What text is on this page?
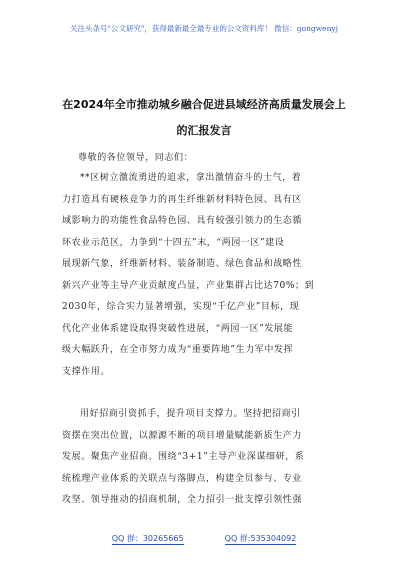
关注头条号"公文研究"，获得最新最全最专业的公文资料库！ 微信：gongwenyj
在2024年全市推动城乡融合促进县域经济高质量发展会上
的汇报发言
尊敬的各位领导，同志们：
**区树立激流勇进的追求，拿出激情奋斗的士气，着
力打造具有硬核竞争力的再生纤维新材料特色园、具有区
域影响力的功能性食品特色园、具有较强引领力的生态循
环农业示范区，力争到“十四五”末，“两园一区”建设
展现新气象，纤维新材料、装备制造、绿色食品和战略性
新兴产业等主导产业贡献度凸显，产业集群占比达70%；到
2030年，综合实力显著增强，实现“千亿产业”目标，现
代化产业体系建设取得突破性进展，“两园一区”发展能
级大幅跃升，在全市努力成为“重要阵地”生力军中发挥
支撑作用。
用好招商引资抓手，提升项目支撑力。坚持把招商引
资摆在突出位置，以源源不断的项目增量赋能新质生产力
发展。聚焦产业招商。围绕“3+1”主导产业深谋细研，系
统梳理产业体系的关联点与落脚点，构建全员参与、专业
攻坚、领导推动的招商机制，全力招引一批支撑引领性强
QQ 群：30265665	QQ 群:535304092
